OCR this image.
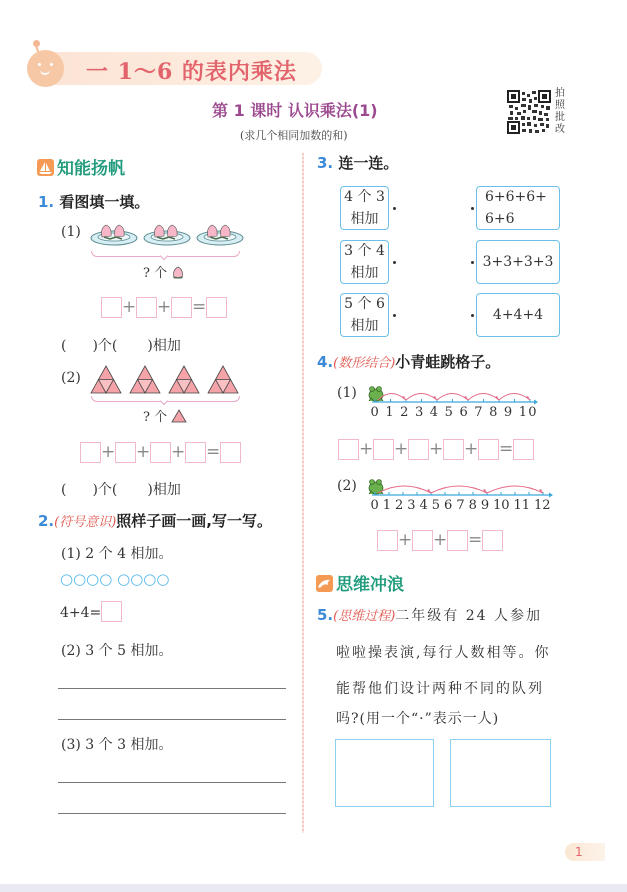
一 1～6 的表内乘法
第 1 课时 认识乘法(1)
(求几个相同加数的和)
拍照批改
知能扬帆
1. 看图填一填。
(1)
? 个
+ + =
( )个( )相加
(2)
? 个
+ + + =
( )个( )相加
2.(符号意识)照样子画一画,写一写。
(1) 2 个 4 相加。
○○○○ ○○○○
4+4=
(2) 3 个 5 相加。
(3) 3 个 3 相加。
3. 连一连。
4 个 3
相加
3 个 4
相加
5 个 6
相加
6+6+6+
6+6
3+3+3+3
4+4+4
4.(数形结合)小青蛙跳格子。
(1)
0 1 2 3 4 5 6 7 8 9 10
+ + + + =
(2)
0 1 2 3 4 5 6 7 8 9 10 11 12
+ + =
思维冲浪
5.(思维过程)二年级有 24 人参加
啦啦操表演,每行人数相等。你
能帮他们设计两种不同的队列
吗?(用一个“·”表示一人)
1
